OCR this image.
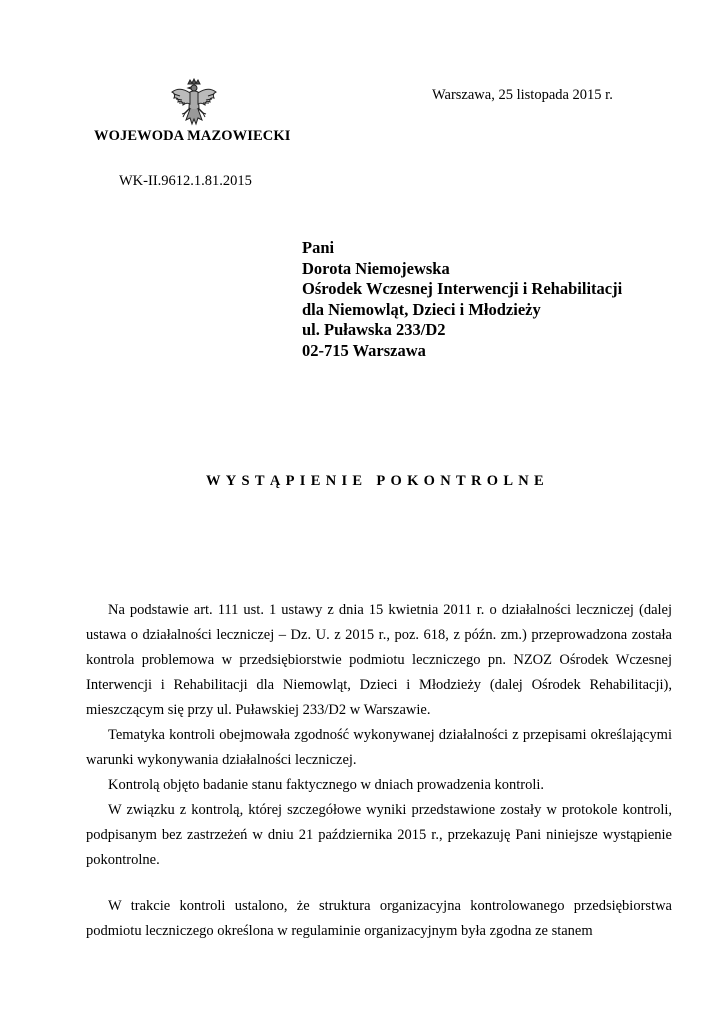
WOJEWODA MAZOWIECKI
Warszawa, 25 listopada 2015 r.
WK-II.9612.1.81.2015
Pani
Dorota Niemojewska
Ośrodek Wczesnej Interwencji i Rehabilitacji
dla Niemowląt, Dzieci i Młodzieży
ul. Puławska 233/D2
02-715 Warszawa
WYSTĄPIENIE POKONTROLNE

Na podstawie art. 111 ust. 1 ustawy z dnia 15 kwietnia 2011 r. o działalności leczniczej (dalej ustawa o działalności leczniczej – Dz. U. z 2015 r., poz. 618, z późn. zm.) przeprowadzona została kontrola problemowa w przedsiębiorstwie podmiotu leczniczego pn. NZOZ Ośrodek Wczesnej Interwencji i Rehabilitacji dla Niemowląt, Dzieci i Młodzieży (dalej Ośrodek Rehabilitacji), mieszczącym się przy ul. Puławskiej 233/D2 w Warszawie.

Tematyka kontroli obejmowała zgodność wykonywanej działalności z przepisami określającymi warunki wykonywania działalności leczniczej.

Kontrolą objęto badanie stanu faktycznego w dniach prowadzenia kontroli.

W związku z kontrolą, której szczegółowe wyniki przedstawione zostały w protokole kontroli, podpisanym bez zastrzeżeń w dniu 21 października 2015 r., przekazuję Pani niniejsze wystąpienie pokontrolne.

W trakcie kontroli ustalono, że struktura organizacyjna kontrolowanego przedsiębiorstwa podmiotu leczniczego określona w regulaminie organizacyjnym była zgodna ze stanem
